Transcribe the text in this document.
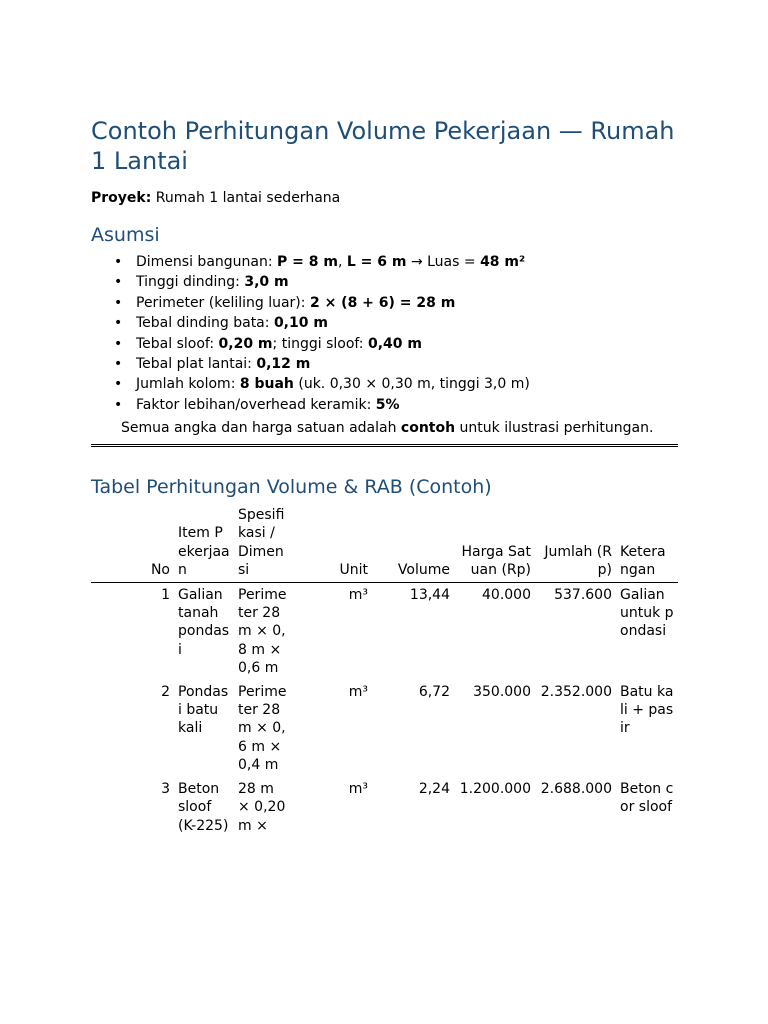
Contoh Perhitungan Volume Pekerjaan — Rumah 1 Lantai
Proyek: Rumah 1 lantai sederhana
Asumsi
• Dimensi bangunan: P = 8 m, L = 6 m → Luas = 48 m²
• Tinggi dinding: 3,0 m
• Perimeter (keliling luar): 2 × (8 + 6) = 28 m
• Tebal dinding bata: 0,10 m
• Tebal sloof: 0,20 m; tinggi sloof: 0,40 m
• Tebal plat lantai: 0,12 m
• Jumlah kolom: 8 buah (uk. 0,30 × 0,30 m, tinggi 3,0 m)
• Faktor lebihan/overhead keramik: 5%
Semua angka dan harga satuan adalah contoh untuk ilustrasi perhitungan.
Tabel Perhitungan Volume & RAB (Contoh)
No	Item Pekerjaan	Spesifikasi / Dimensi	Unit	Volume	Harga Satuan (Rp)	Jumlah (Rp)	Keterangan
1	Galian tanah pondasi	Perimeter 28 m × 0,8 m × 0,6 m	m³	13,44	40.000	537.600	Galian untuk pondasi
2	Pondasi batu kali	Perimeter 28 m × 0,6 m × 0,4 m	m³	6,72	350.000	2.352.000	Batu kali + pasir
3	Beton sloof (K-225)	28 m × 0,20 m ×	m³	2,24	1.200.000	2.688.000	Beton cor sloof
